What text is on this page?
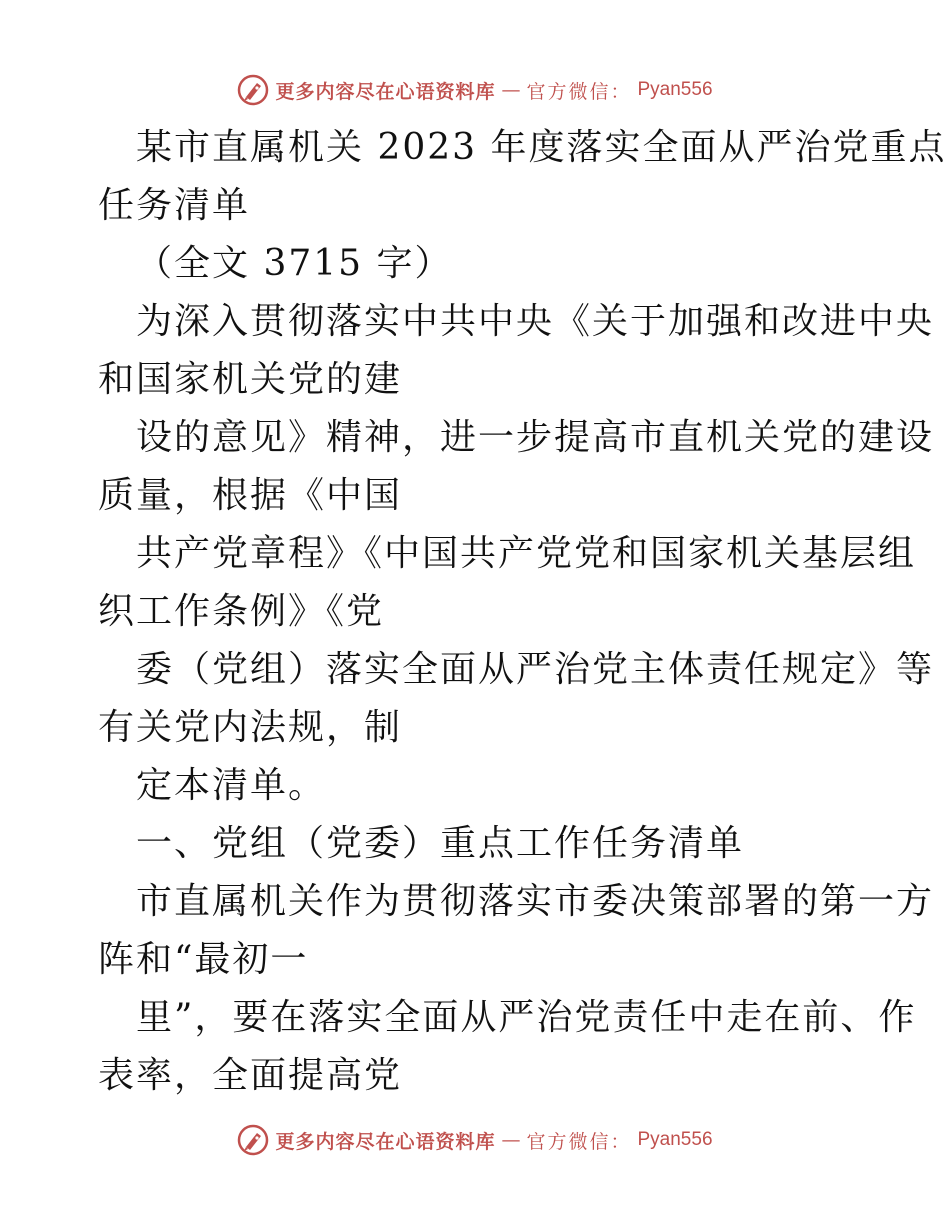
更多内容尽在心语资料库 — 官方微信： Pyan556
某市直属机关 2023 年度落实全面从严治党重点
任务清单
（全文 3715 字）
为深入贯彻落实中共中央《关于加强和改进中央
和国家机关党的建
设的意见》精神，进一步提高市直机关党的建设
质量，根据《中国
共产党章程》《中国共产党党和国家机关基层组
织工作条例》《党
委（党组）落实全面从严治党主体责任规定》等
有关党内法规，制
定本清单。
一、党组（党委）重点工作任务清单
市直属机关作为贯彻落实市委决策部署的第一方
阵和“最初一
里”，要在落实全面从严治党责任中走在前、作
表率，全面提高党
更多内容尽在心语资料库 — 官方微信： Pyan556
